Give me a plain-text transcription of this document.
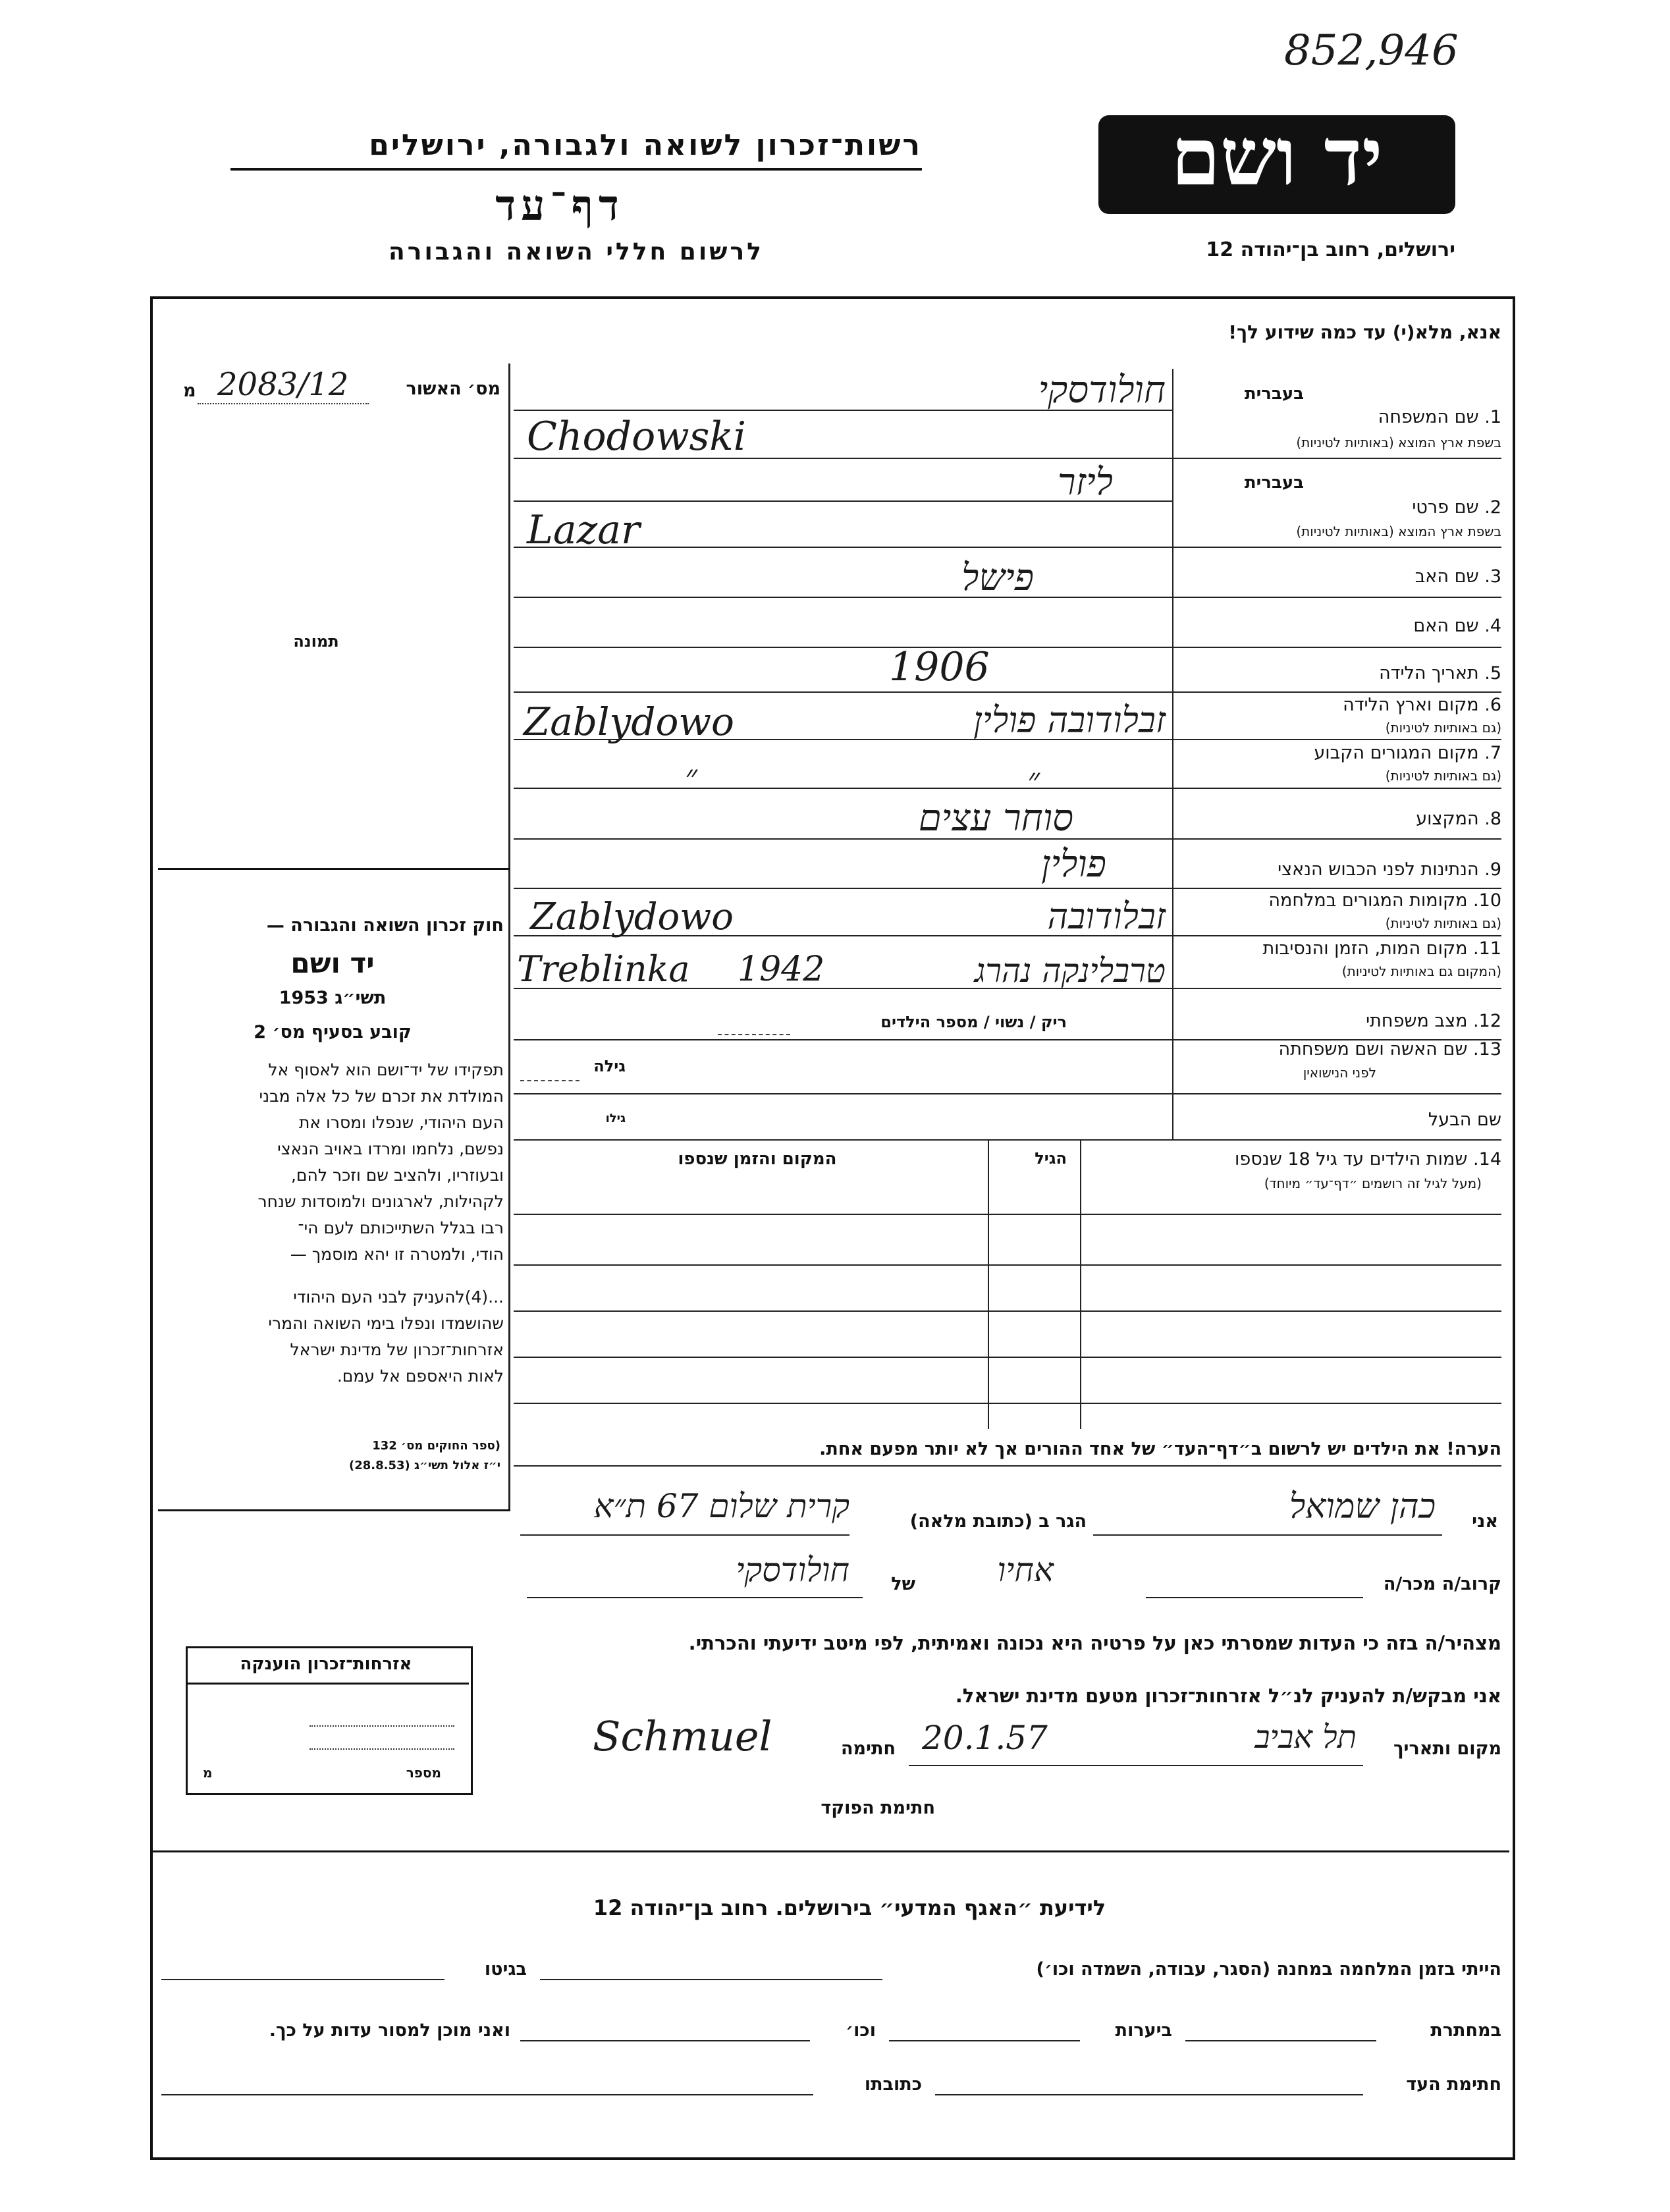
852,946
יד ושם
ירושלים, רחוב בן־יהודה 12
רשות־זכרון לשואה ולגבורה, ירושלים
דף־עד
לרשום חללי השואה והגבורה
אנא, מלא(י) עד כמה שידוע לך!
מס׳ האשור
2083/12
מ
תמונה
חוק זכרון השואה והגבורה —
יד ושם
תשי״ג 1953
קובע בסעיף מס׳ 2
תפקידו של יד־ושם הוא לאסוף אל
המולדת את זכרם של כל אלה מבני
העם היהודי, שנפלו ומסרו את
נפשם, נלחמו ומרדו באויב הנאצי
ובעוזריו, ולהציב שם וזכר להם,
לקהילות, לארגונים ולמוסדות שנחר
רבו בגלל השתייכותם לעם הי־
הודי, ולמטרה זו יהא מוסמך —
...(4)להעניק לבני העם היהודי
שהושמדו ונפלו בימי השואה והמרי
אזרחות־זכרון של מדינת ישראל
לאות היאספם אל עמם.
(ספר החוקים מס׳ 132
י״ז אלול תשי״ג (28.8.53)
בעברית
1. שם המשפחה
בשפת ארץ המוצא (באותיות לטיניות)
חולודסקי
Chodowski
בעברית
2. שם פרטי
בשפת ארץ המוצא (באותיות לטיניות)
ליזר
Lazar
3. שם האב
פישל
4. שם האם
5. תאריך הלידה
1906
6. מקום וארץ הלידה
(גם באותיות לטיניות)
Zablydowo	זבלודובה פולין
7. מקום המגורים הקבוע
(גם באותיות לטיניות)
״
״
8. המקצוע
סוחר עצים
9. הנתינות לפני הכבוש הנאצי
פולין
10. מקומות המגורים במלחמה
(גם באותיות לטיניות)
Zablydowo	זבלודובה
11. מקום המות, הזמן והנסיבות
(המקום גם באותיות לטיניות)
Treblinka 1942	טרבלינקה נהרג
12. מצב משפחתי
ריק / נשוי / מספר הילדים
13. שם האשה ושם משפחתה
לפני הנישואין
גילה
שם הבעל
גילו
14. שמות הילדים עד גיל 18 שנספו
(מעל לגיל זה רושמים ״דף־עד״ מיוחד)
הגיל
המקום והזמן שנספו
הערה! את הילדים יש לרשום ב״דף־העד״ של אחד ההורים אך לא יותר מפעם אחת.
אני
כהן שמואל
הגר ב (כתובת מלאה)
קרית שלום 67 ת״א
קרוב/ה מכר/ה
אחיו
של
חולודסקי
מצהיר/ה בזה כי העדות שמסרתי כאן על פרטיה היא נכונה ואמיתית, לפי מיטב ידיעתי והכרתי.
אני מבקש/ת להעניק לנ״ל אזרחות־זכרון מטעם מדינת ישראל.
מקום ותאריך
תל אביב
20.1.57
חתימה
Schmuel
חתימת הפוקד
אזרחות־זכרון הוענקה
מספר
מ
לידיעת ״האגף המדעי״ בירושלים. רחוב בן־יהודה 12
הייתי בזמן המלחמה במחנה (הסגר, עבודה, השמדה וכו׳)
בגיטו
במחתרת
ביערות
וכו׳
ואני מוכן למסור עדות על כך.
חתימת העד
כתובתו
